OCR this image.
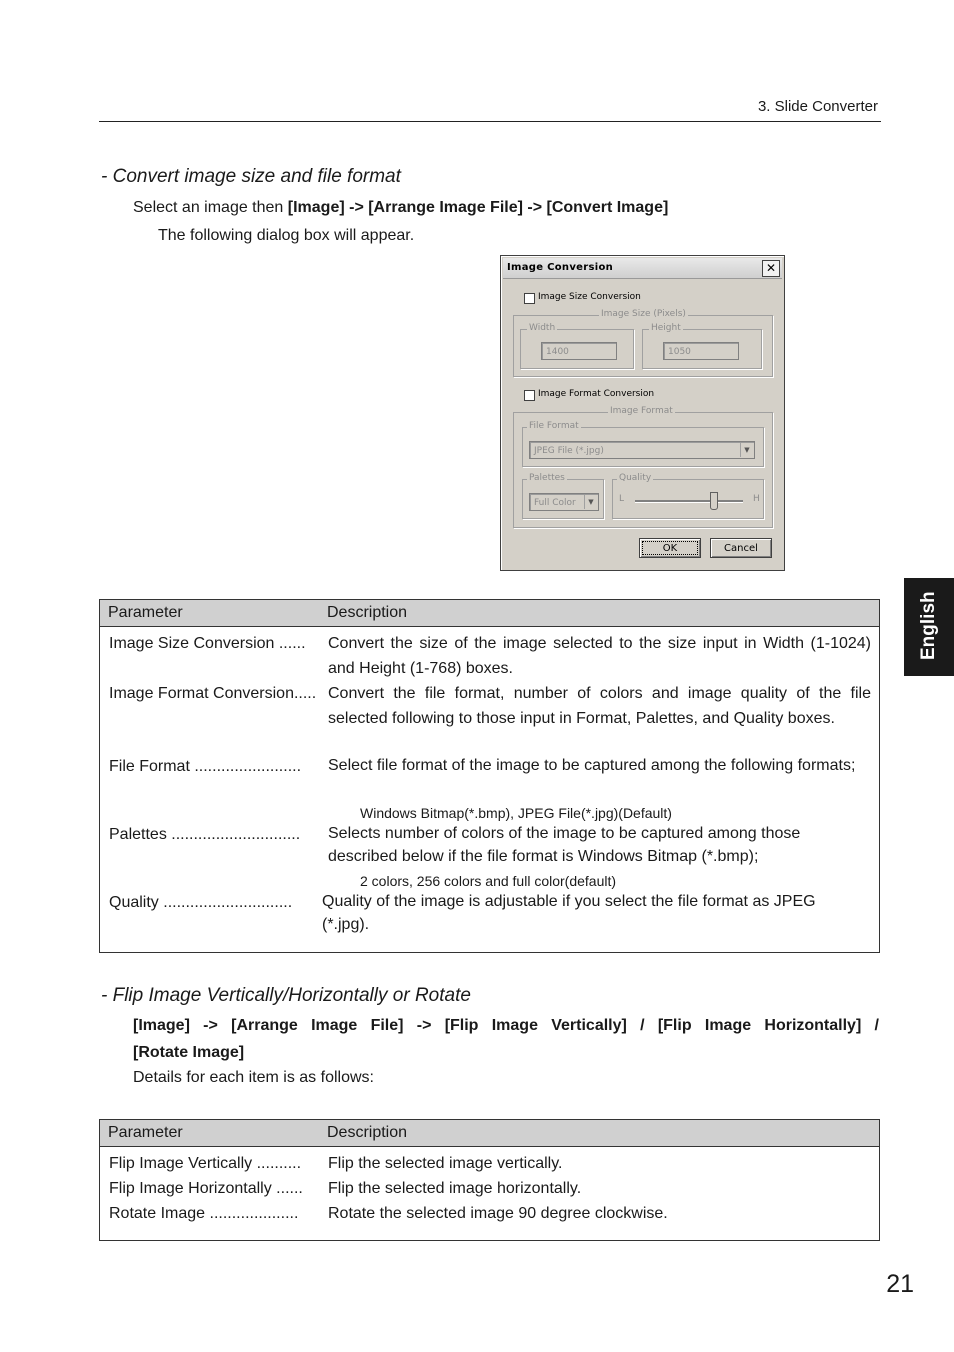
3. Slide Converter
- Convert image size and file format
Select an image then [Image] -> [Arrange Image File] -> [Convert Image]
The following dialog box will appear.
Image Conversion	✕
Image Size Conversion
Image Size (Pixels)
Width
1400
Height
1050
Image Format Conversion
Image Format
File Format
JPEG File (*.jpg)	▼
Palettes
Full Color	▼
Quality
L	H
OK	Cancel
Parameter	Description
Image Size Conversion ...... Convert the size of the image selected to the size input in Width (1-1024) and Height (1-768) boxes.
Image Format Conversion..... Convert the file format, number of colors and image quality of the file selected following to those input in Format, Palettes, and Quality boxes.
File Format ........................ Select file format of the image to be captured among the following formats;
Windows Bitmap(*.bmp), JPEG File(*.jpg)(Default)
Palettes ............................. Selects number of colors of the image to be captured among those described below if the file format is Windows Bitmap (*.bmp);
2 colors, 256 colors and full color(default)
Quality ............................. Quality of the image is adjustable if you select the file format as JPEG (*.jpg).
- Flip Image Vertically/Horizontally or Rotate
[Image] -> [Arrange Image File] -> [Flip Image Vertically] / [Flip Image Horizontally] /
[Rotate Image]
Details for each item is as follows:
Parameter	Description
Flip Image Vertically .......... Flip the selected image vertically.
Flip Image Horizontally ...... Flip the selected image horizontally.
Rotate Image .................... Rotate the selected image 90 degree clockwise.
English
21
